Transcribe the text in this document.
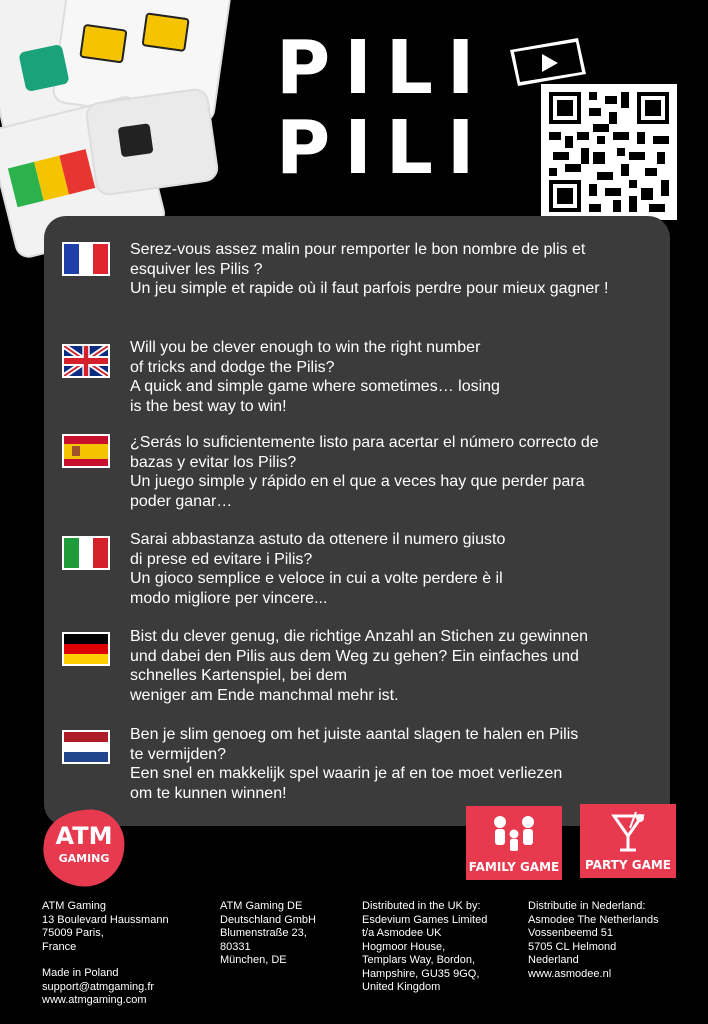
PILI

PILI

Serez-vous assez malin pour remporter le bon nombre de plis et

esquiver les Pilis ?

Un jeu simple et rapide où il faut parfois perdre pour mieux gagner !

Will you be clever enough to win the right number

of tricks and dodge the Pilis?

A quick and simple game where sometimes… losing

is the best way to win!

¿Serás lo suficientemente listo para acertar el número correcto de

bazas y evitar los Pilis?

Un juego simple y rápido en el que a veces hay que perder para

poder ganar…

Sarai abbastanza astuto da ottenere il numero giusto

di prese ed evitare i Pilis?

Un gioco semplice e veloce in cui a volte perdere è il

modo migliore per vincere...

Bist du clever genug, die richtige Anzahl an Stichen zu gewinnen

und dabei den Pilis aus dem Weg zu gehen? Ein einfaches und

schnelles Kartenspiel, bei dem

weniger am Ende manchmal mehr ist.

Ben je slim genoeg om het juiste aantal slagen te halen en Pilis

te vermijden?

Een snel en makkelijk spel waarin je af en toe moet verliezen

om te kunnen winnen!

ATM
GAMING
FAMILY GAME	PARTY GAME

ATM Gaming

13 Boulevard Haussmann

75009 Paris,

France

Made in Poland

support@atmgaming.fr

www.atmgaming.com

ATM Gaming DE

Deutschland GmbH

Blumenstraße 23,

80331

München, DE

Distributed in the UK by:

Esdevium Games Limited

t/a Asmodee UK

Hogmoor House,

Templars Way, Bordon,

Hampshire, GU35 9GQ,

United Kingdom

Distributie in Nederland:

Asmodee The Netherlands

Vossenbeemd 51

5705 CL Helmond

Nederland

www.asmodee.nl
